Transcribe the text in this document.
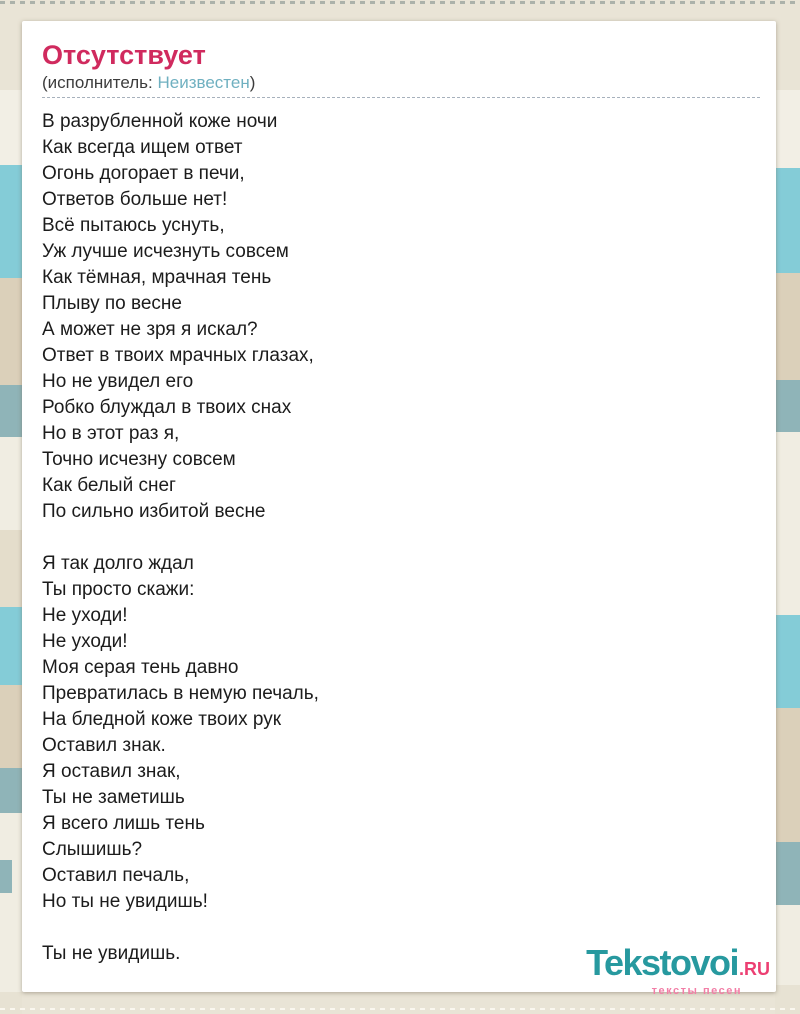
Отсутствует
(исполнитель: Неизвестен)
В разрубленной коже ночи
Как всегда ищем ответ
Огонь догорает в печи,
Ответов больше нет!
Всё пытаюсь уснуть,
Уж лучше исчезнуть совсем
Как тёмная, мрачная тень
Плыву по весне
А может не зря я искал?
Ответ в твоих мрачных глазах,
Но не увидел его
Робко блуждал в твоих снах
Но в этот раз я,
Точно исчезну совсем
Как белый снег
По сильно избитой весне
Я так долго ждал
Ты просто скажи:
Не уходи!
Не уходи!
Моя серая тень давно
Превратилась в немую печаль,
На бледной коже твоих рук
Оставил знак.
Я оставил знак,
Ты не заметишь
Я всего лишь тень
Слышишь?
Оставил печаль,
Но ты не увидишь!
Ты не увидишь.	Tekstovoi.RU
тексты песен
